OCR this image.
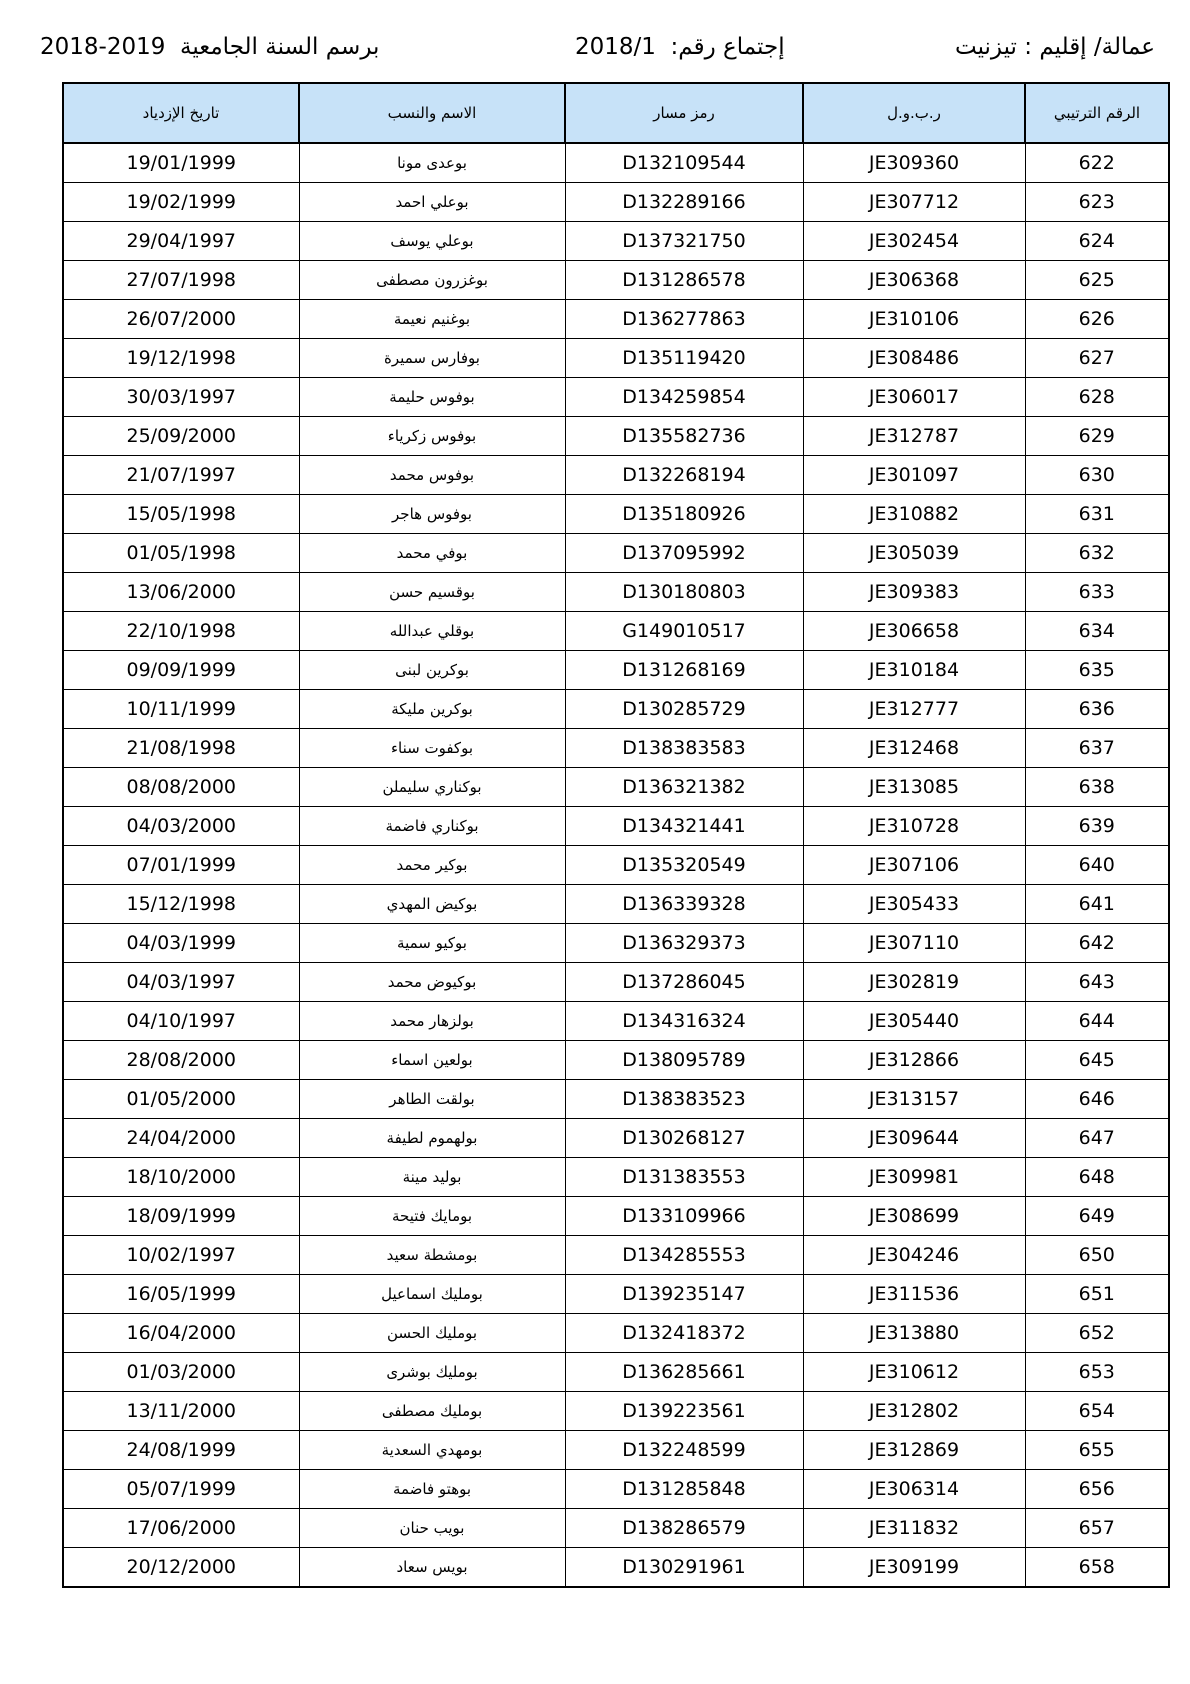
2018-2019 برسم السنة الجامعية	2018/1 إجتماع رقم:	عمالة/ إقليم : تيزنيت
تاريخ الإزدياد	الاسم والنسب	رمز مسار	ر.ب.و.ل	الرقم الترتيبي
19/01/1999	بوعدى مونا	D132109544	JE309360	622
19/02/1999	بوعلي احمد	D132289166	JE307712	623
29/04/1997	بوعلي يوسف	D137321750	JE302454	624
27/07/1998	بوغزرون مصطفى	D131286578	JE306368	625
26/07/2000	بوغنيم نعيمة	D136277863	JE310106	626
19/12/1998	بوفارس سميرة	D135119420	JE308486	627
30/03/1997	بوفوس حليمة	D134259854	JE306017	628
25/09/2000	بوفوس زكرياء	D135582736	JE312787	629
21/07/1997	بوفوس محمد	D132268194	JE301097	630
15/05/1998	بوفوس هاجر	D135180926	JE310882	631
01/05/1998	بوفي محمد	D137095992	JE305039	632
13/06/2000	بوقسيم حسن	D130180803	JE309383	633
22/10/1998	بوقلي عبدالله	G149010517	JE306658	634
09/09/1999	بوكرين لبنى	D131268169	JE310184	635
10/11/1999	بوكرين مليكة	D130285729	JE312777	636
21/08/1998	بوكفوت سناء	D138383583	JE312468	637
08/08/2000	بوكناري سليملن	D136321382	JE313085	638
04/03/2000	بوكناري فاضمة	D134321441	JE310728	639
07/01/1999	بوكير محمد	D135320549	JE307106	640
15/12/1998	بوكيض المهدي	D136339328	JE305433	641
04/03/1999	بوكيو سمية	D136329373	JE307110	642
04/03/1997	بوكيوض محمد	D137286045	JE302819	643
04/10/1997	بولزهار محمد	D134316324	JE305440	644
28/08/2000	بولعين اسماء	D138095789	JE312866	645
01/05/2000	بولقت الطاهر	D138383523	JE313157	646
24/04/2000	بولهموم لطيفة	D130268127	JE309644	647
18/10/2000	بوليد مينة	D131383553	JE309981	648
18/09/1999	بومايك فتيحة	D133109966	JE308699	649
10/02/1997	بومشطة سعيد	D134285553	JE304246	650
16/05/1999	بومليك اسماعيل	D139235147	JE311536	651
16/04/2000	بومليك الحسن	D132418372	JE313880	652
01/03/2000	بومليك بوشرى	D136285661	JE310612	653
13/11/2000	بومليك مصطفى	D139223561	JE312802	654
24/08/1999	بومهدي السعدية	D132248599	JE312869	655
05/07/1999	بوهتو فاضمة	D131285848	JE306314	656
17/06/2000	بويب حنان	D138286579	JE311832	657
20/12/2000	بويس سعاد	D130291961	JE309199	658
